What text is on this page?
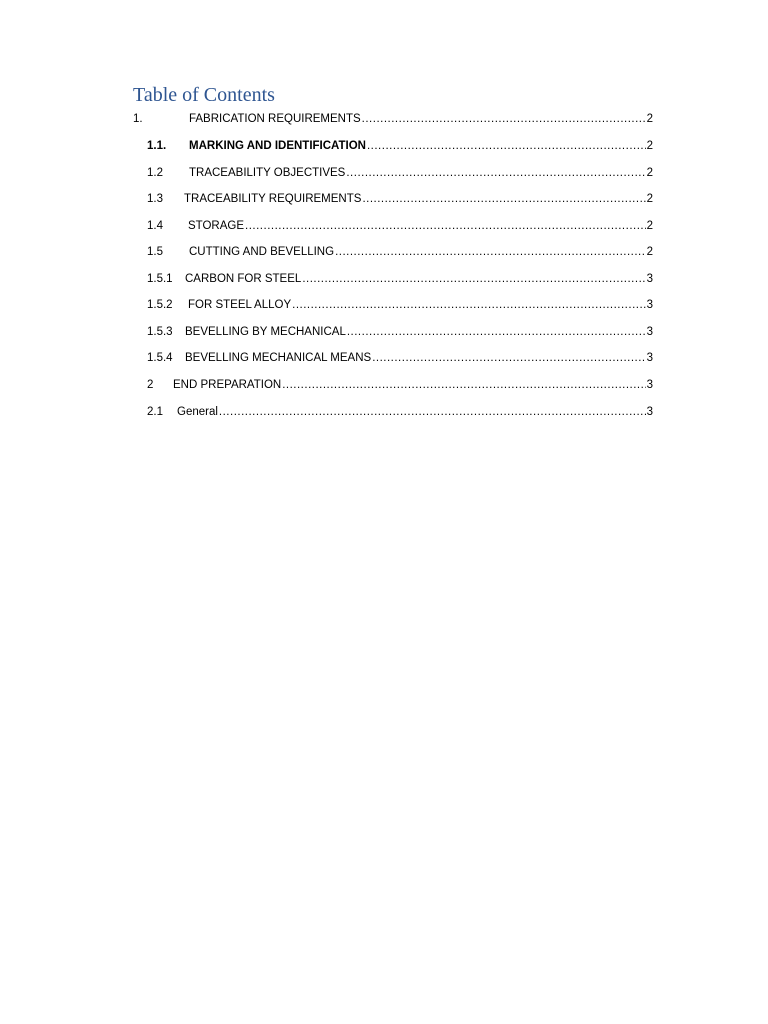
Table of Contents
1.	FABRICATION REQUIREMENTS .....	2
1.1.	MARKING AND IDENTIFICATION .....	2
1.2	TRACEABILITY OBJECTIVES .....	2
1.3	TRACEABILITY REQUIREMENTS .....	2
1.4	STORAGE .....	2
1.5	CUTTING AND BEVELLING .....	2
1.5.1	CARBON FOR STEEL .....	3
1.5.2	FOR STEEL ALLOY .....	3
1.5.3	BEVELLING BY MECHANICAL .....	3
1.5.4	BEVELLING MECHANICAL MEANS .....	3
2	END PREPARATION .....	3
2.1	General .....	3
